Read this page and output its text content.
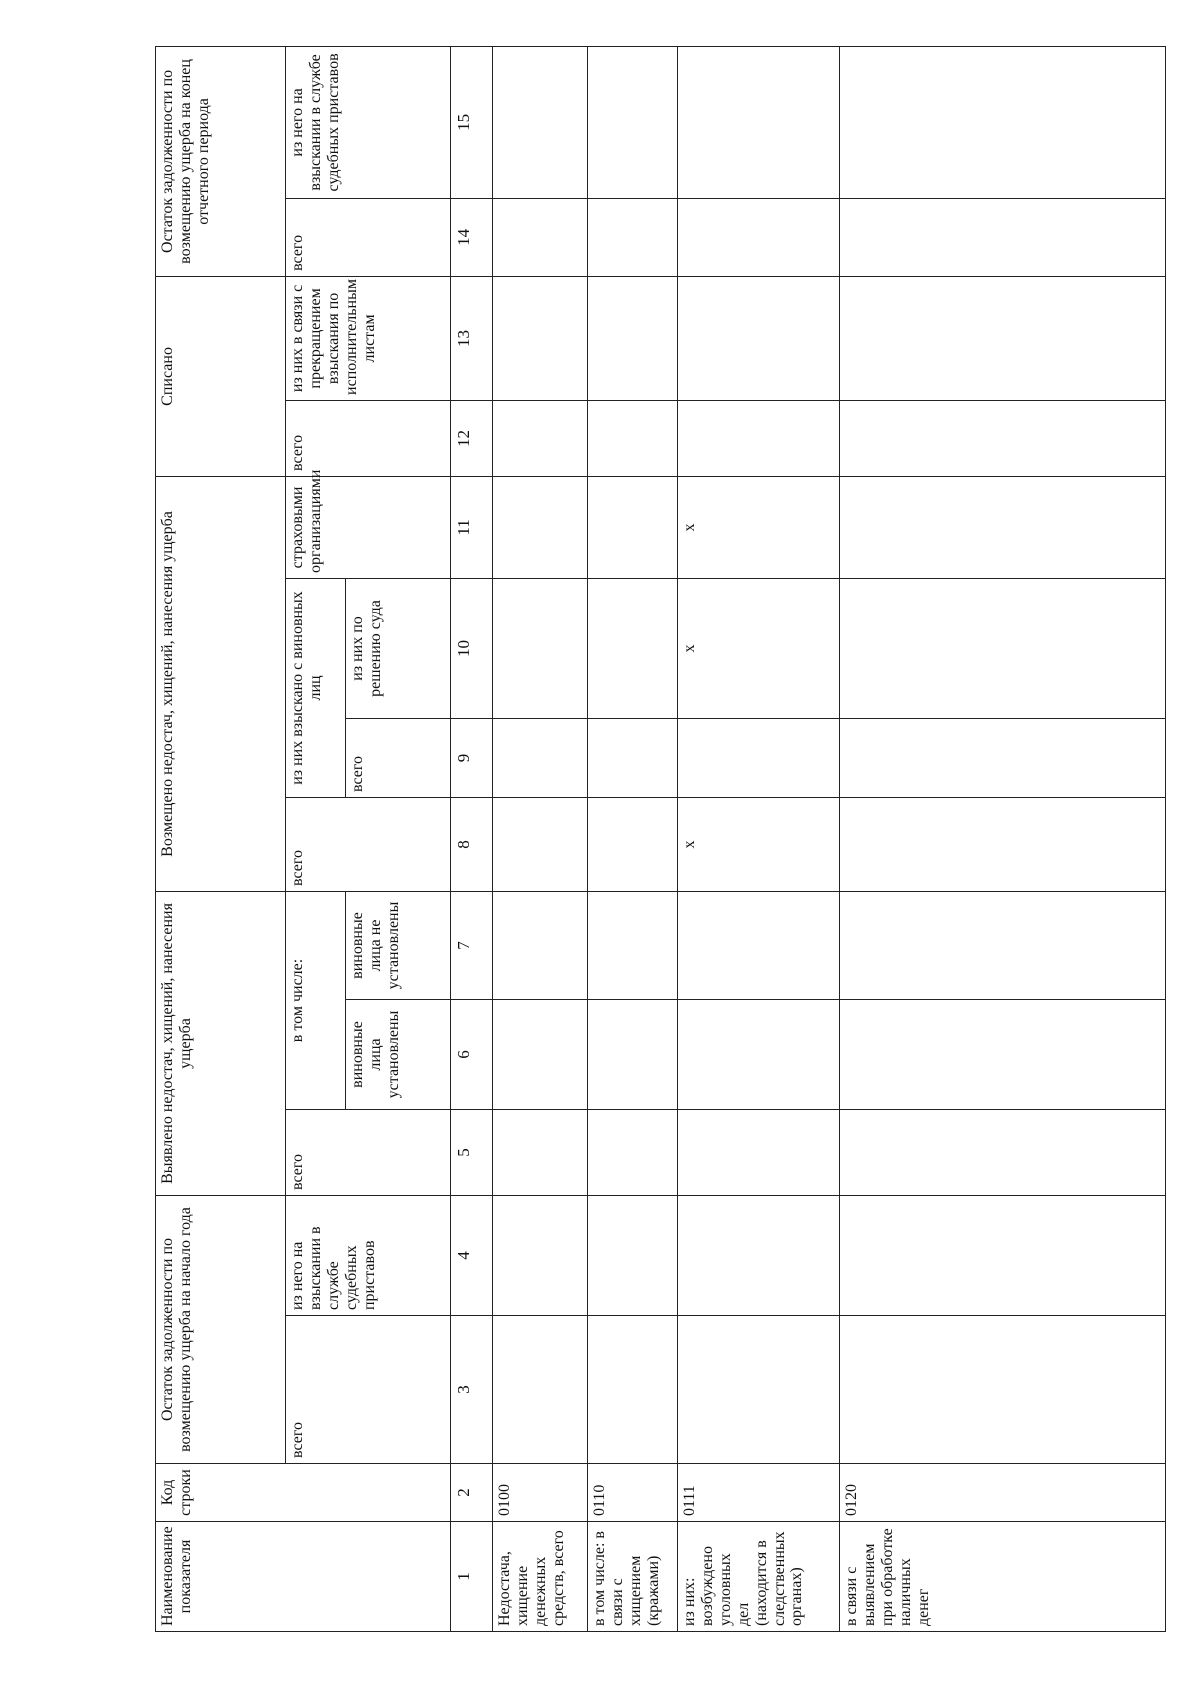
Наименование показателя	Код строки	Остаток задолженности по возмещению ущерба на начало года		Выявлено недостач, хищений, нанесения ущерба			Возмещено недостач, хищений, нанесения ущерба				Списано		Остаток задолженности по возмещению ущерба на конец отчетного периода	
		всего	из него на взыскании в службе судебных приставов	всего	в том числе:		всего	из них взыскано с виновных лиц		страховыми организациями	всего	из них в связи с прекращением взыскания по исполнительным листам	всего	из него на взыскании в службе судебных приставов
					виновные лица установлены	виновные лица не установлены		всего	из них по решению суда					
1	2	3	4	5	6	7	8	9	10	11	12	13	14	15
Недостача, хищение денежных средств, всего	0100													
в том числе: в связи с хищением (кражами)	0110													
из них: возбуждено уголовных дел (находится в следственных органах)	0111						x		x	x				
в связи с выявлением при обработке наличных денег	0120													
